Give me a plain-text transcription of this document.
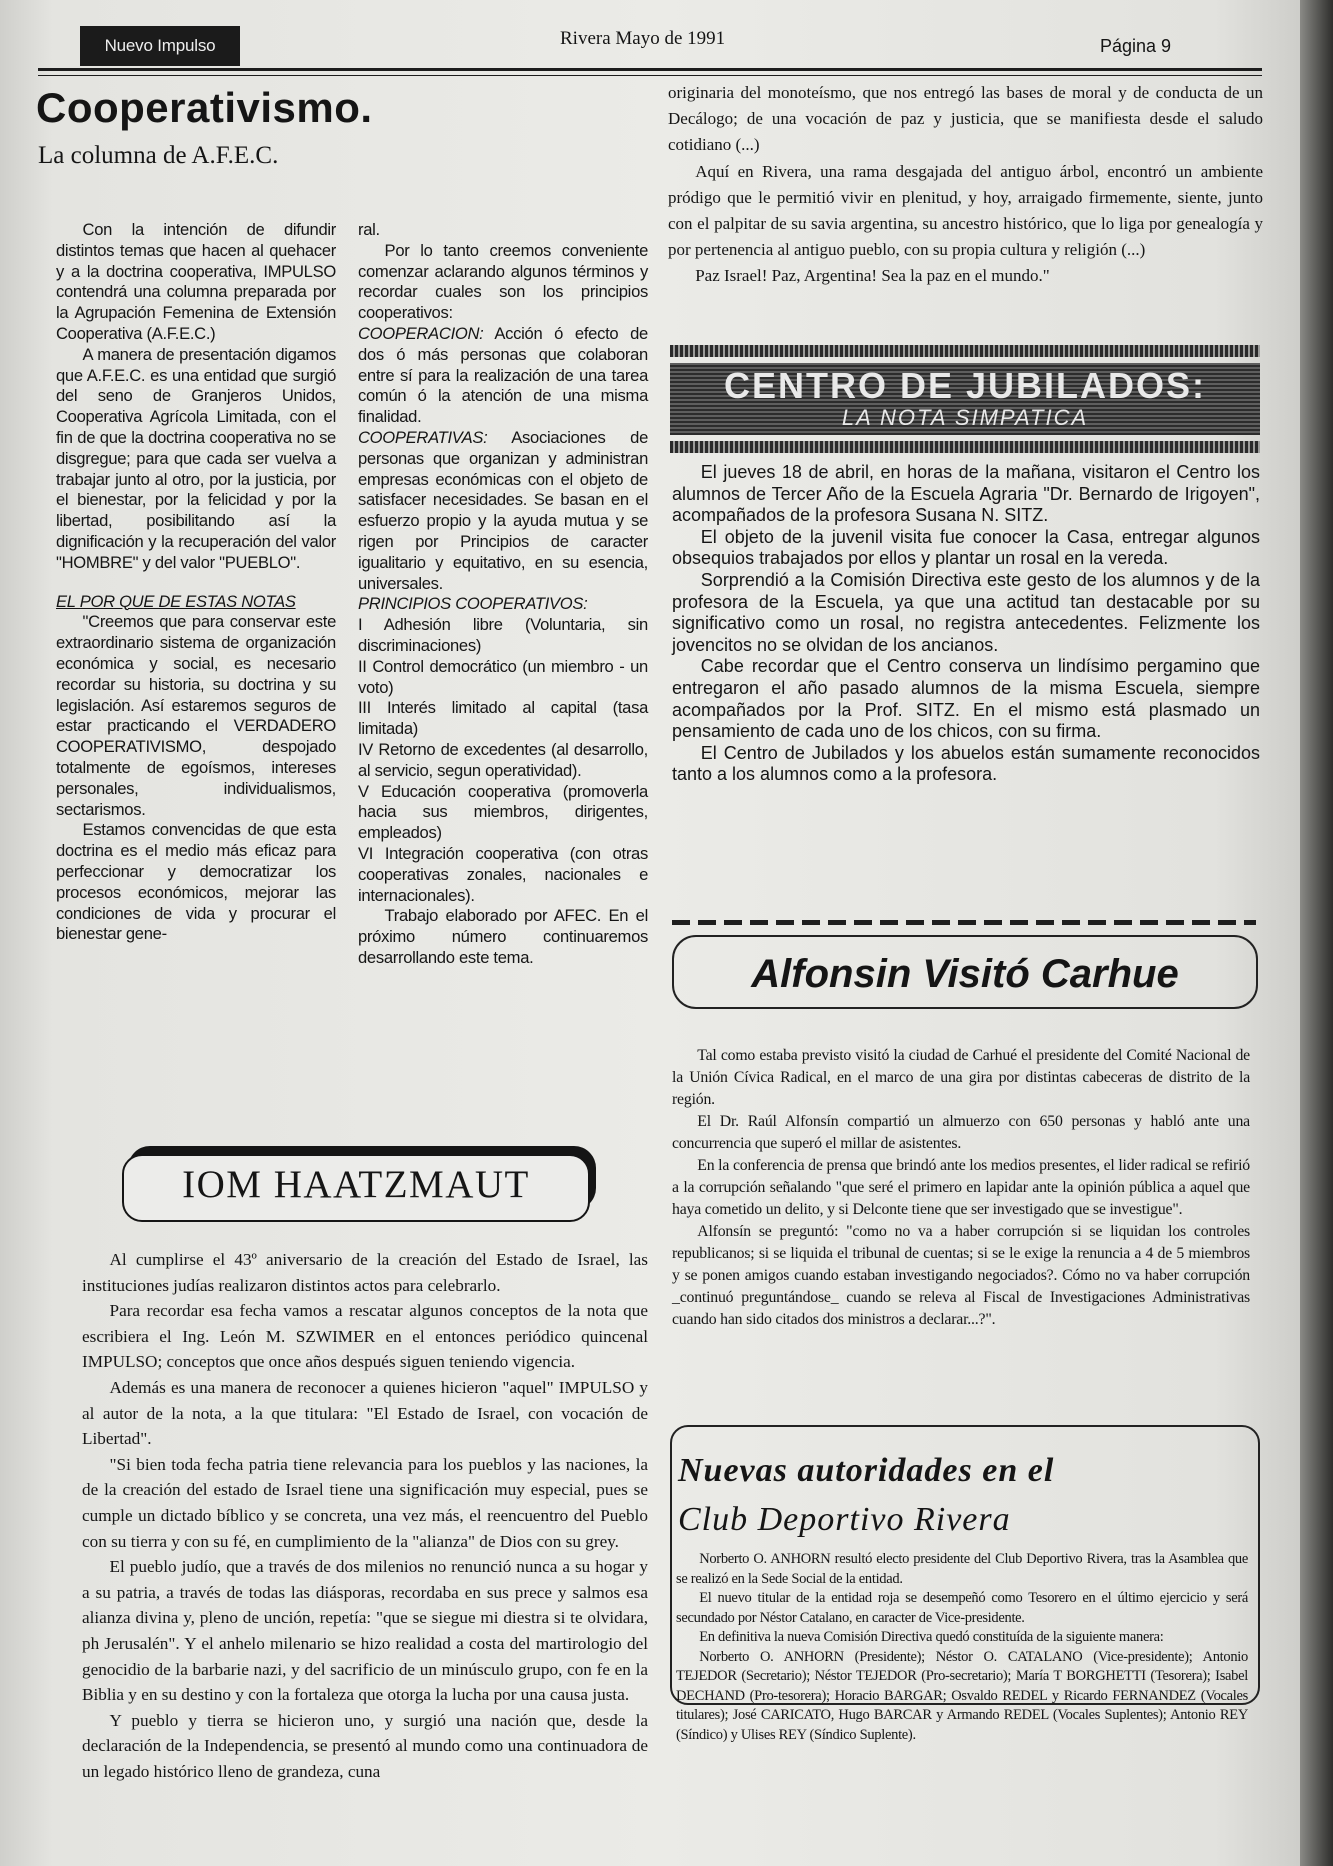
Nuevo Impulso	Rivera Mayo de 1991	Página 9
Cooperativismo.
La columna de A.F.E.C.

Con la intención de difundir distintos temas que hacen al quehacer y a la doctrina cooperativa, IMPULSO contendrá una columna preparada por la Agrupación Femenina de Extensión Cooperativa (A.F.E.C.)

A manera de presentación digamos que A.F.E.C. es una entidad que surgió del seno de Granjeros Unidos, Cooperativa Agrícola Limitada, con el fin de que la doctrina cooperativa no se disgregue; para que cada ser vuelva a trabajar junto al otro, por la justicia, por el bienestar, por la felicidad y por la libertad, posibilitando así la dignificación y la recuperación del valor "HOMBRE" y del valor "PUEBLO".

EL POR QUE DE ESTAS NOTAS

"Creemos que para conservar este extraordinario sistema de organización económica y social, es necesario recordar su historia, su doctrina y su legislación. Así estaremos seguros de estar practicando el VERDADERO COOPERATIVISMO, despojado totalmente de egoísmos, intereses personales, individualismos, sectarismos.

Estamos convencidas de que esta doctrina es el medio más eficaz para perfeccionar y democratizar los procesos económicos, mejorar las condiciones de vida y procurar el bienestar gene-

ral.

Por lo tanto creemos conveniente comenzar aclarando algunos términos y recordar cuales son los principios cooperativos:

COOPERACION: Acción ó efecto de dos ó más personas que colaboran entre sí para la realización de una tarea común ó la atención de una misma finalidad.

COOPERATIVAS: Asociaciones de personas que organizan y administran empresas económicas con el objeto de satisfacer necesidades. Se basan en el esfuerzo propio y la ayuda mutua y se rigen por Principios de caracter igualitario y equitativo, en su esencia, universales.

PRINCIPIOS COOPERATIVOS:

I Adhesión libre (Voluntaria, sin discriminaciones)

II Control democrático (un miembro - un voto)

III Interés limitado al capital (tasa limitada)

IV Retorno de excedentes (al desarrollo, al servicio, segun operatividad).

V Educación cooperativa (promoverla hacia sus miembros, dirigentes, empleados)

VI Integración cooperativa (con otras cooperativas zonales, nacionales e internacionales).

Trabajo elaborado por AFEC. En el próximo número continuaremos desarrollando este tema.

originaria del monoteísmo, que nos entregó las bases de moral y de conducta de un Decálogo; de una vocación de paz y justicia, que se manifiesta desde el saludo cotidiano (...)

Aquí en Rivera, una rama desgajada del antiguo árbol, encontró un ambiente pródigo que le permitió vivir en plenitud, y hoy, arraigado firmemente, siente, junto con el palpitar de su savia argentina, su ancestro histórico, que lo liga por genealogía y por pertenencia al antiguo pueblo, con su propia cultura y religión (...)

Paz Israel! Paz, Argentina! Sea la paz en el mundo."

CENTRO DE JUBILADOS:
LA NOTA SIMPATICA

El jueves 18 de abril, en horas de la mañana, visitaron el Centro los alumnos de Tercer Año de la Escuela Agraria "Dr. Bernardo de Irigoyen", acompañados de la profesora Susana N. SITZ.

El objeto de la juvenil visita fue conocer la Casa, entregar algunos obsequios trabajados por ellos y plantar un rosal en la vereda.

Sorprendió a la Comisión Directiva este gesto de los alumnos y de la profesora de la Escuela, ya que una actitud tan destacable por su significativo como un rosal, no registra antecedentes. Felizmente los jovencitos no se olvidan de los ancianos.

Cabe recordar que el Centro conserva un lindísimo pergamino que entregaron el año pasado alumnos de la misma Escuela, siempre acompañados por la Prof. SITZ. En el mismo está plasmado un pensamiento de cada uno de los chicos, con su firma.

El Centro de Jubilados y los abuelos están sumamente reconocidos tanto a los alumnos como a la profesora.

Alfonsin Visitó Carhue

Tal como estaba previsto visitó la ciudad de Carhué el presidente del Comité Nacional de la Unión Cívica Radical, en el marco de una gira por distintas cabeceras de distrito de la región.

El Dr. Raúl Alfonsín compartió un almuerzo con 650 personas y habló ante una concurrencia que superó el millar de asistentes.

En la conferencia de prensa que brindó ante los medios presentes, el lider radical se refirió a la corrupción señalando "que seré el primero en lapidar ante la opinión pública a aquel que haya cometido un delito, y si Delconte tiene que ser investigado que se investigue".

Alfonsín se preguntó: "como no va a haber corrupción si se liquidan los controles republicanos; si se liquida el tribunal de cuentas; si se le exige la renuncia a 4 de 5 miembros y se ponen amigos cuando estaban investigando negociados?. Cómo no va haber corrupción _continuó preguntándose_ cuando se releva al Fiscal de Investigaciones Administrativas cuando han sido citados dos ministros a declarar...?".

Nuevas autoridades en el
Club Deportivo Rivera

Norberto O. ANHORN resultó electo presidente del Club Deportivo Rivera, tras la Asamblea que se realizó en la Sede Social de la entidad.

El nuevo titular de la entidad roja se desempeñó como Tesorero en el último ejercicio y será secundado por Néstor Catalano, en caracter de Vice-presidente.

En definitiva la nueva Comisión Directiva quedó constituída de la siguiente manera:

Norberto O. ANHORN (Presidente); Néstor O. CATALANO (Vice-presidente); Antonio TEJEDOR (Secretario); Néstor TEJEDOR (Pro-secretario); María T BORGHETTI (Tesorera); Isabel DECHAND (Pro-tesorera); Horacio BARGAR; Osvaldo REDEL y Ricardo FERNANDEZ (Vocales titulares); José CARICATO, Hugo BARCAR y Armando REDEL (Vocales Suplentes); Antonio REY (Síndico) y Ulises REY (Síndico Suplente).

IOM HAATZMAUT

Al cumplirse el 43º aniversario de la creación del Estado de Israel, las instituciones judías realizaron distintos actos para celebrarlo.

Para recordar esa fecha vamos a rescatar algunos conceptos de la nota que escribiera el Ing. León M. SZWIMER en el entonces periódico quincenal IMPULSO; conceptos que once años después siguen teniendo vigencia.

Además es una manera de reconocer a quienes hicieron "aquel" IMPULSO y al autor de la nota, a la que titulara: "El Estado de Israel, con vocación de Libertad".

"Si bien toda fecha patria tiene relevancia para los pueblos y las naciones, la de la creación del estado de Israel tiene una significación muy especial, pues se cumple un dictado bíblico y se concreta, una vez más, el reencuentro del Pueblo con su tierra y con su fé, en cumplimiento de la "alianza" de Dios con su grey.

El pueblo judío, que a través de dos milenios no renunció nunca a su hogar y a su patria, a través de todas las diásporas, recordaba en sus prece y salmos esa alianza divina y, pleno de unción, repetía: "que se siegue mi diestra si te olvidara, ph Jerusalén". Y el anhelo milenario se hizo realidad a costa del martirologio del genocidio de la barbarie nazi, y del sacrificio de un minúsculo grupo, con fe en la Biblia y en su destino y con la fortaleza que otorga la lucha por una causa justa.

Y pueblo y tierra se hicieron uno, y surgió una nación que, desde la declaración de la Independencia, se presentó al mundo como una continuadora de un legado histórico lleno de grandeza, cuna
